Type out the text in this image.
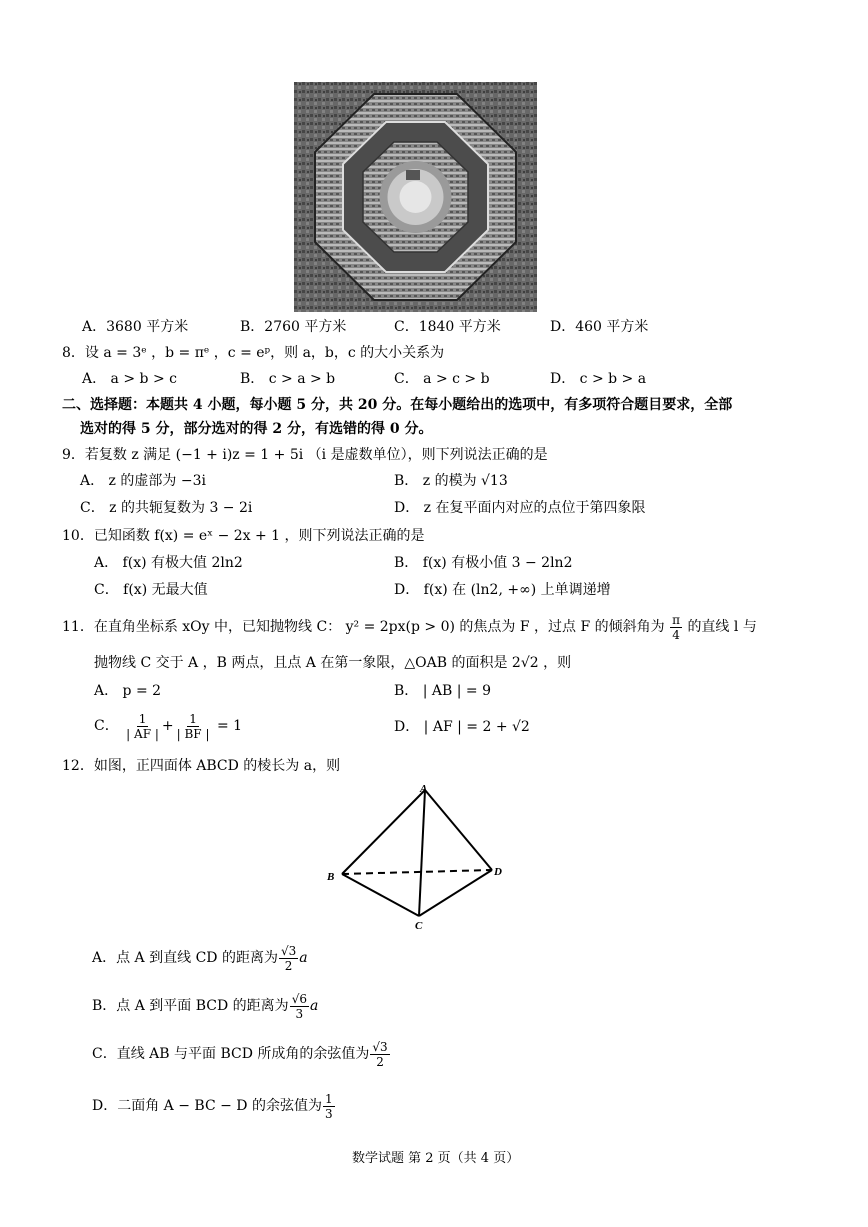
A．3680 平方米	B．2760 平方米	C．1840 平方米	D．460 平方米
8．设 a = 3ᵉ ，b = πᵉ ，c = eᵖ，则 a，b，c 的大小关系为
A． a > b > c	B． c > a > b	C． a > c > b	D． c > b > a
二、选择题：本题共 4 小题，每小题 5 分，共 20 分。在每小题给出的选项中，有多项符合题目要求，全部
选对的得 5 分，部分选对的得 2 分，有选错的得 0 分。
9．若复数 z 满足 (−1 + i)z = 1 + 5i （i 是虚数单位），则下列说法正确的是
A． z 的虚部为 −3i	B． z 的模为 √13
C． z 的共轭复数为 3 − 2i	D． z 在复平面内对应的点位于第四象限
10．已知函数 f(x) = eˣ − 2x + 1 ，则下列说法正确的是
A． f(x) 有极大值 2ln2	B． f(x) 有极小值 3 − 2ln2
C． f(x) 无最大值	D． f(x) 在 (ln2, +∞) 上单调递增
11．在直角坐标系 xOy 中，已知抛物线 C： y² = 2px(p > 0) 的焦点为 F ，过点 F 的倾斜角为 $\frac{\pi}{4}$ 的直线 l 与
抛物线 C 交于 A ，B 两点，且点 A 在第一象限，△OAB 的面积是 2√2 ，则
A． p = 2	B． | AB | = 9
C． $\frac{1}{| AF |} + \frac{1}{| BF |} = 1$	D． | AF | = 2 + √2
12．如图，正四面体 ABCD 的棱长为 a，则
A
B
C
D
A．点 A 到直线 CD 的距离为 $\frac{√3}{2}$ a
B．点 A 到平面 BCD 的距离为 $\frac{√6}{3}$ a
C．直线 AB 与平面 BCD 所成角的余弦值为 $\frac{√3}{2}$
D．二面角 A − BC − D 的余弦值为 $\frac{1}{3}$
数学试题 第 2 页（共 4 页）
